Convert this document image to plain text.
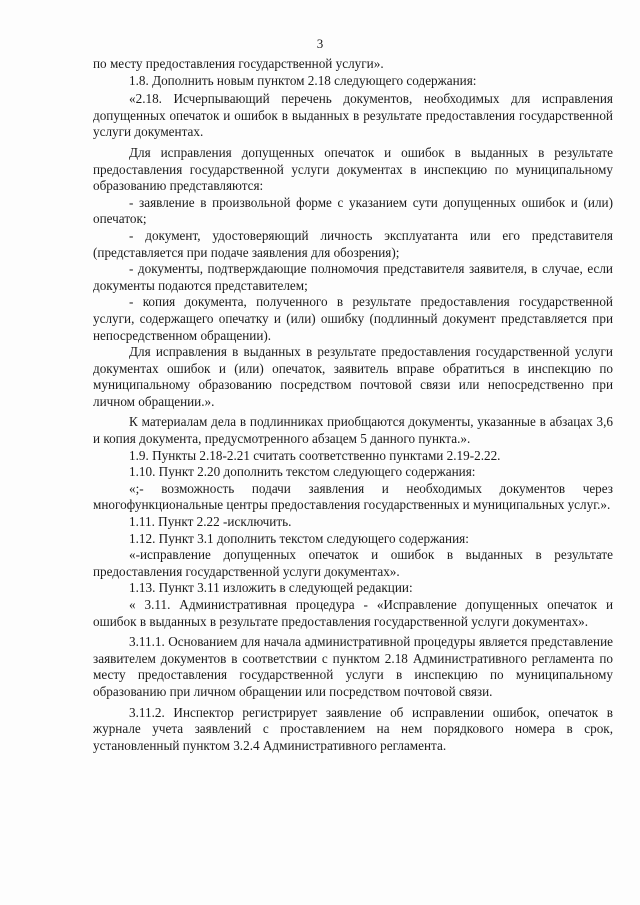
3

по месту предоставления государственной услуги».

1.8. Дополнить новым пунктом 2.18 следующего содержания:

«2.18. Исчерпывающий перечень документов, необходимых для исправления допущенных опечаток и ошибок в выданных в результате предоставления государственной услуги документах.

Для исправления допущенных опечаток и ошибок в выданных в результате предоставления государственной услуги документах в инспекцию по муниципальному образованию представляются:

- заявление в произвольной форме с указанием сути допущенных ошибок и (или) опечаток;

- документ, удостоверяющий личность эксплуатанта или его представителя (представляется при подаче заявления для обозрения);

- документы, подтверждающие полномочия представителя заявителя, в случае, если документы подаются представителем;

- копия документа, полученного в результате предоставления государственной услуги, содержащего опечатку и (или) ошибку (подлинный документ представляется при непосредственном обращении).

Для исправления в выданных в результате предоставления государственной услуги документах ошибок и (или) опечаток, заявитель вправе обратиться в инспекцию по муниципальному образованию посредством почтовой связи или непосредственно при личном обращении.».

К материалам дела в подлинниках приобщаются документы, указанные в абзацах 3,6 и копия документа, предусмотренного абзацем 5 данного пункта.».

1.9. Пункты 2.18-2.21 считать соответственно пунктами 2.19-2.22.

1.10. Пункт 2.20 дополнить текстом следующего содержания:

«;- возможность подачи заявления и необходимых документов через многофункциональные центры предоставления государственных и муниципальных услуг.».

1.11. Пункт 2.22 -исключить.

1.12. Пункт 3.1 дополнить текстом следующего содержания:

«-исправление допущенных опечаток и ошибок в выданных в результате предоставления государственной услуги документах».

1.13. Пункт 3.11 изложить в следующей редакции:

« 3.11. Административная процедура - «Исправление допущенных опечаток и ошибок в выданных в результате предоставления государственной услуги документах».

3.11.1. Основанием для начала административной процедуры является представление заявителем документов в соответствии с пунктом 2.18 Административного регламента по месту предоставления государственной услуги в инспекцию по муниципальному образованию при личном обращении или посредством почтовой связи.

3.11.2. Инспектор регистрирует заявление об исправлении ошибок, опечаток в журнале учета заявлений с проставлением на нем порядкового номера в срок, установленный пунктом 3.2.4 Административного регламента.
